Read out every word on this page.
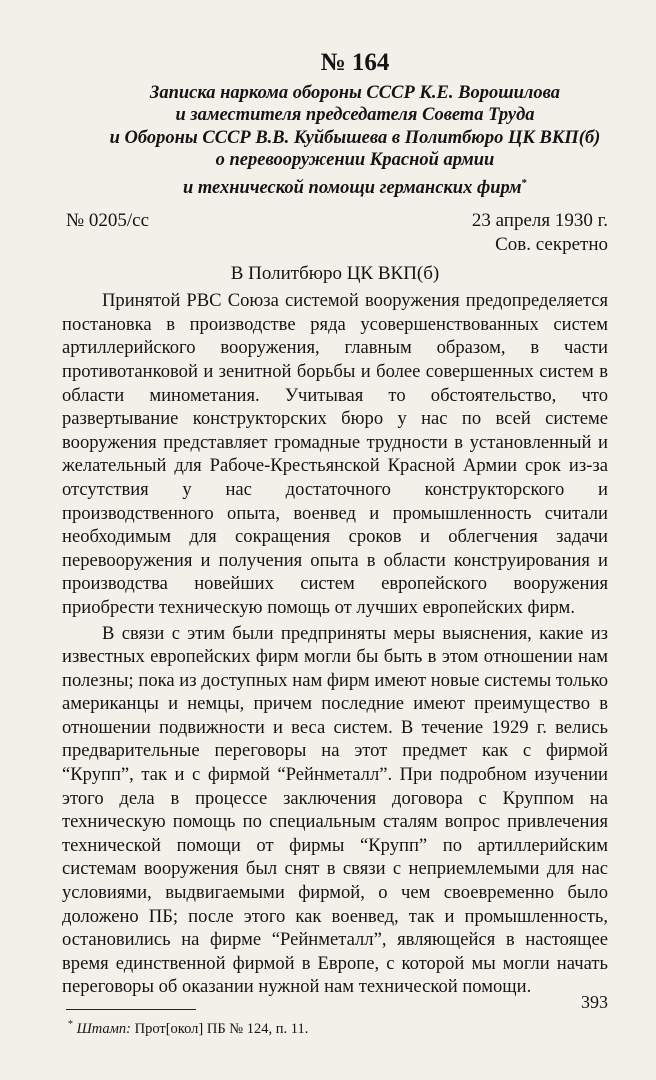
№ 164
Записка наркома обороны СССР К.Е. Ворошилова
и заместителя председателя Совета Труда
и Обороны СССР В.В. Куйбышева в Политбюро ЦК ВКП(б)
о перевооружении Красной армии
и технической помощи германских фирм*
№ 0205/сс	23 апреля 1930 г.
Сов. секретно
В Политбюро ЦК ВКП(б)

Принятой РВС Союза системой вооружения предопределяется постановка в производстве ряда усовершенствованных систем артиллерийского вооружения, главным образом, в части противотанковой и зенитной борьбы и более совершенных систем в области минометания. Учитывая то обстоятельство, что развертывание конструкторских бюро у нас по всей системе вооружения представляет громадные трудности в установленный и желательный для Рабоче-Крестьянской Красной Армии срок из-за отсутствия у нас достаточного конструкторского и производственного опыта, военвед и промышленность считали необходимым для сокращения сроков и облегчения задачи перевооружения и получения опыта в области конструирования и производства новейших систем европейского вооружения приобрести техническую помощь от лучших европейских фирм.

В связи с этим были предприняты меры выяснения, какие из известных европейских фирм могли бы быть в этом отношении нам полезны; пока из доступных нам фирм имеют новые системы только американцы и немцы, причем последние имеют преимущество в отношении подвижности и веса систем. В течение 1929 г. велись предварительные переговоры на этот предмет как с фирмой “Крупп”, так и с фирмой “Рейнметалл”. При подробном изучении этого дела в процессе заключения договора с Круппом на техническую помощь по специальным сталям вопрос привлечения технической помощи от фирмы “Крупп” по артиллерийским системам вооружения был снят в связи с неприемлемыми для нас условиями, выдвигаемыми фирмой, о чем своевременно было доложено ПБ; после этого как военвед, так и промышленность, остановились на фирме “Рейнметалл”, являющейся в настоящее время единственной фирмой в Европе, с которой мы могли начать переговоры об оказании нужной нам технической помощи.

* Штамп: Прот[окол] ПБ № 124, п. 11.
393
